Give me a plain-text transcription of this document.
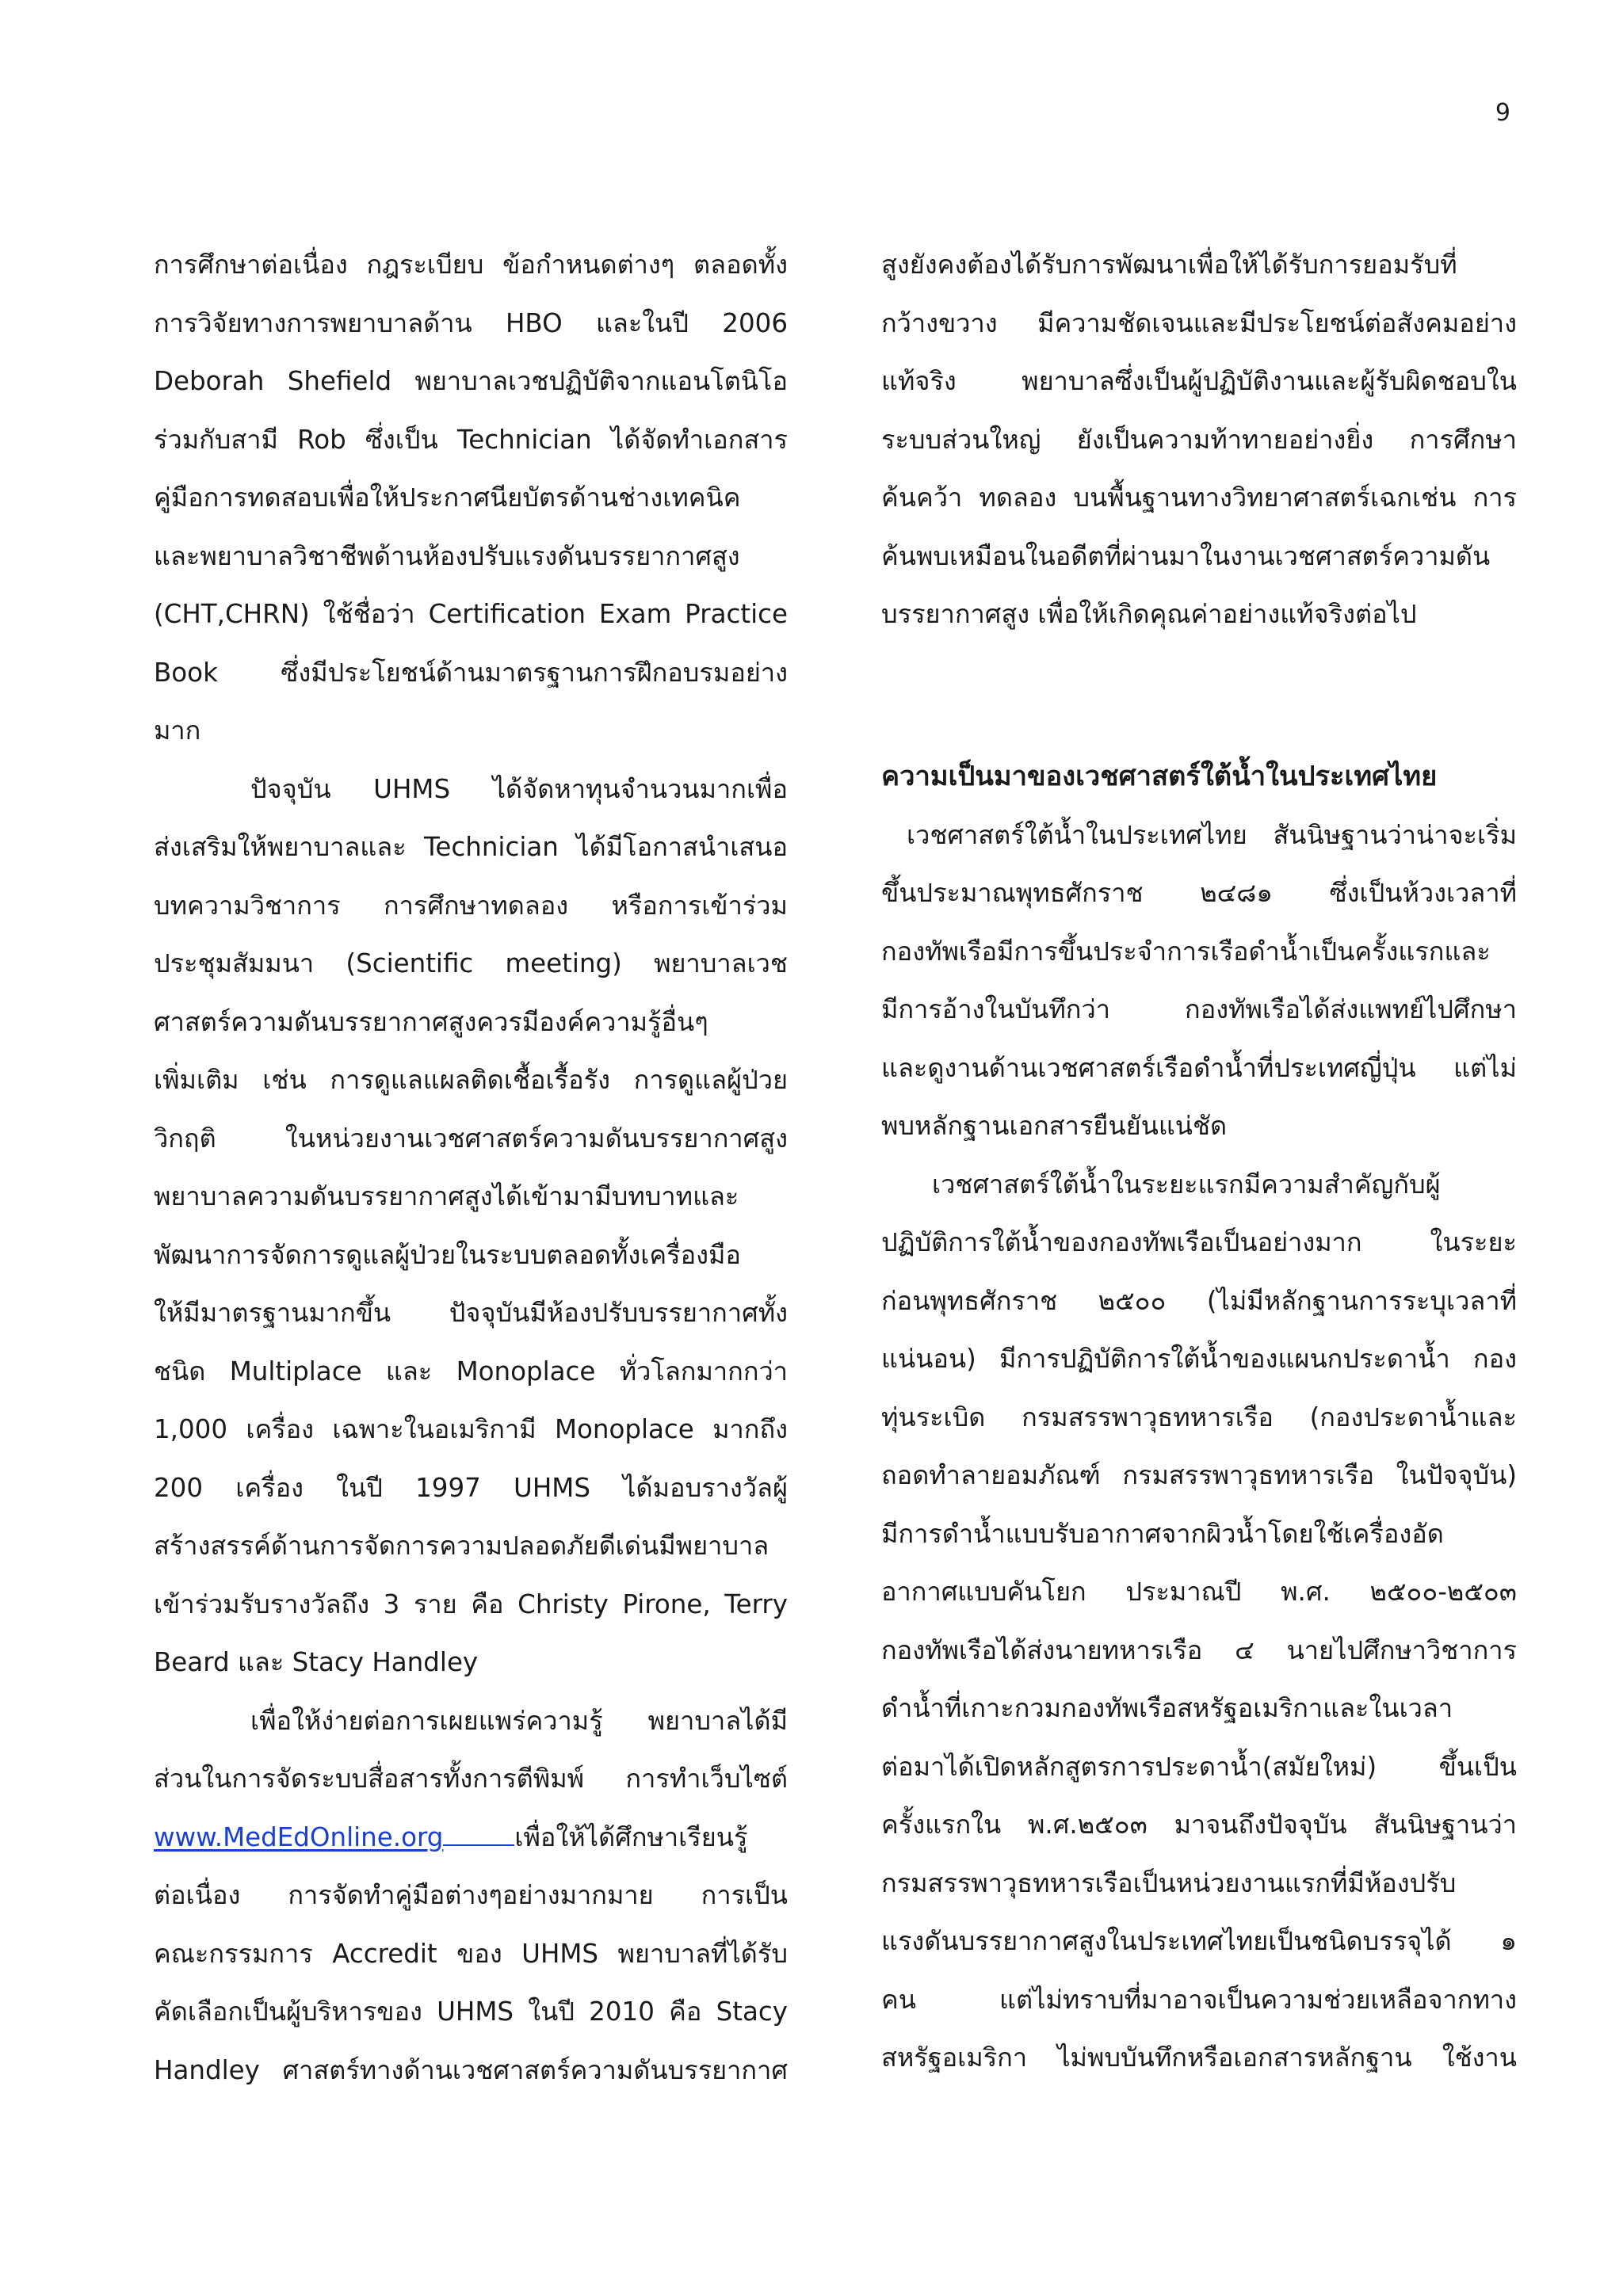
9
การศึกษาต่อเนื่อง กฎระเบียบ ข้อกำหนดต่างๆ ตลอดทั้ง
การวิจัยทางการพยาบาลด้าน HBO และในปี 2006
Deborah Shefield พยาบาลเวชปฏิบัติจากแอนโตนิโอ
ร่วมกับสามี Rob ซึ่งเป็น Technician ได้จัดทำเอกสาร
คู่มือการทดสอบเพื่อให้ประกาศนียบัตรด้านช่างเทคนิค
และพยาบาลวิชาชีพด้านห้องปรับแรงดันบรรยากาศสูง
(CHT,CHRN) ใช้ชื่อว่า Certification Exam Practice
Book ซึ่งมีประโยชน์ด้านมาตรฐานการฝึกอบรมอย่าง
มาก
ปัจจุบัน UHMS ได้จัดหาทุนจำนวนมากเพื่อ
ส่งเสริมให้พยาบาลและ Technician ได้มีโอกาสนำเสนอ
บทความวิชาการ การศึกษาทดลอง หรือการเข้าร่วม
ประชุมสัมมนา (Scientific meeting) พยาบาลเวช
ศาสตร์ความดันบรรยากาศสูงควรมีองค์ความรู้อื่นๆ
เพิ่มเติม เช่น การดูแลแผลติดเชื้อเรื้อรัง การดูแลผู้ป่วย
วิกฤติ ในหน่วยงานเวชศาสตร์ความดันบรรยากาศสูง
พยาบาลความดันบรรยากาศสูงได้เข้ามามีบทบาทและ
พัฒนาการจัดการดูแลผู้ป่วยในระบบตลอดทั้งเครื่องมือ
ให้มีมาตรฐานมากขึ้น ปัจจุบันมีห้องปรับบรรยากาศทั้ง
ชนิด Multiplace และ Monoplace ทั่วโลกมากกว่า
1,000 เครื่อง เฉพาะในอเมริกามี Monoplace มากถึง
200 เครื่อง ในปี 1997 UHMS ได้มอบรางวัลผู้
สร้างสรรค์ด้านการจัดการความปลอดภัยดีเด่นมีพยาบาล
เข้าร่วมรับรางวัลถึง 3 ราย คือ Christy Pirone, Terry
Beard และ Stacy Handley
เพื่อให้ง่ายต่อการเผยแพร่ความรู้ พยาบาลได้มี
ส่วนในการจัดระบบสื่อสารทั้งการตีพิมพ์ การทำเว็บไซต์
www.MedEdOnline.org	เพื่อให้ได้ศึกษาเรียนรู้
ต่อเนื่อง การจัดทำคู่มือต่างๆอย่างมากมาย การเป็น
คณะกรรมการ Accredit ของ UHMS พยาบาลที่ได้รับ
คัดเลือกเป็นผู้บริหารของ UHMS ในปี 2010 คือ Stacy
Handley ศาสตร์ทางด้านเวชศาสตร์ความดันบรรยากาศ
สูงยังคงต้องได้รับการพัฒนาเพื่อให้ได้รับการยอมรับที่
กว้างขวาง มีความชัดเจนและมีประโยชน์ต่อสังคมอย่าง
แท้จริง พยาบาลซึ่งเป็นผู้ปฏิบัติงานและผู้รับผิดชอบใน
ระบบส่วนใหญ่ ยังเป็นความท้าทายอย่างยิ่ง การศึกษา
ค้นคว้า ทดลอง บนพื้นฐานทางวิทยาศาสตร์เฉกเช่น การ
ค้นพบเหมือนในอดีตที่ผ่านมาในงานเวชศาสตร์ความดัน
บรรยากาศสูง เพื่อให้เกิดคุณค่าอย่างแท้จริงต่อไป
ความเป็นมาของเวชศาสตร์ใต้น้ำในประเทศไทย
เวชศาสตร์ใต้น้ำในประเทศไทย สันนิษฐานว่าน่าจะเริ่ม
ขึ้นประมาณพุทธศักราช ๒๔๘๑ ซึ่งเป็นห้วงเวลาที่
กองทัพเรือมีการขึ้นประจำการเรือดำน้ำเป็นครั้งแรกและ
มีการอ้างในบันทึกว่า กองทัพเรือได้ส่งแพทย์ไปศึกษา
และดูงานด้านเวชศาสตร์เรือดำน้ำที่ประเทศญี่ปุ่น แต่ไม่
พบหลักฐานเอกสารยืนยันแน่ชัด
เวชศาสตร์ใต้น้ำในระยะแรกมีความสำคัญกับผู้
ปฏิบัติการใต้น้ำของกองทัพเรือเป็นอย่างมาก ในระยะ
ก่อนพุทธศักราช ๒๕๐๐ (ไม่มีหลักฐานการระบุเวลาที่
แน่นอน) มีการปฏิบัติการใต้น้ำของแผนกประดาน้ำ กอง
ทุ่นระเบิด กรมสรรพาวุธทหารเรือ (กองประดาน้ำและ
ถอดทำลายอมภัณฑ์ กรมสรรพาวุธทหารเรือ ในปัจจุบัน)
มีการดำน้ำแบบรับอากาศจากผิวน้ำโดยใช้เครื่องอัด
อากาศแบบคันโยก ประมาณปี พ.ศ. ๒๕๐๐-๒๕๐๓
กองทัพเรือได้ส่งนายทหารเรือ ๔ นายไปศึกษาวิชาการ
ดำน้ำที่เกาะกวมกองทัพเรือสหรัฐอเมริกาและในเวลา
ต่อมาได้เปิดหลักสูตรการประดาน้ำ(สมัยใหม่) ขึ้นเป็น
ครั้งแรกใน พ.ศ.๒๕๐๓ มาจนถึงปัจจุบัน สันนิษฐานว่า
กรมสรรพาวุธทหารเรือเป็นหน่วยงานแรกที่มีห้องปรับ
แรงดันบรรยากาศสูงในประเทศไทยเป็นชนิดบรรจุได้ ๑
คน แต่ไม่ทราบที่มาอาจเป็นความช่วยเหลือจากทาง
สหรัฐอเมริกา ไม่พบบันทึกหรือเอกสารหลักฐาน ใช้งาน
